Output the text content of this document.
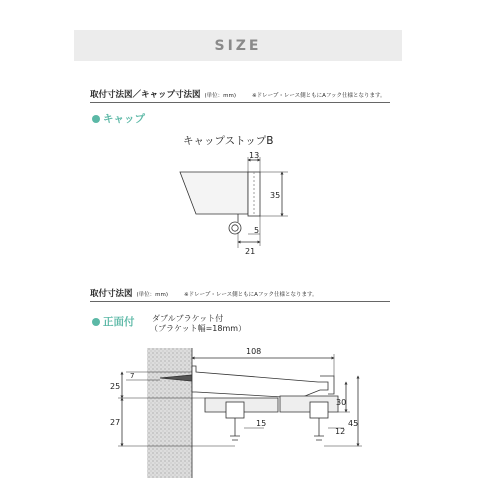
SIZE
取付寸法図／キャップ寸法図 (単位：mm)	※ドレープ・レース側ともにAフック仕様となります。
キャップ
キャップストップB
取付寸法図 (単位：mm)	※ドレープ・レース側ともにAフック仕様となります。
正面付 ダブルブラケット付
（ブラケット幅=18mm）
13
35
5
21
108
7
25
27
30
45
15
12
